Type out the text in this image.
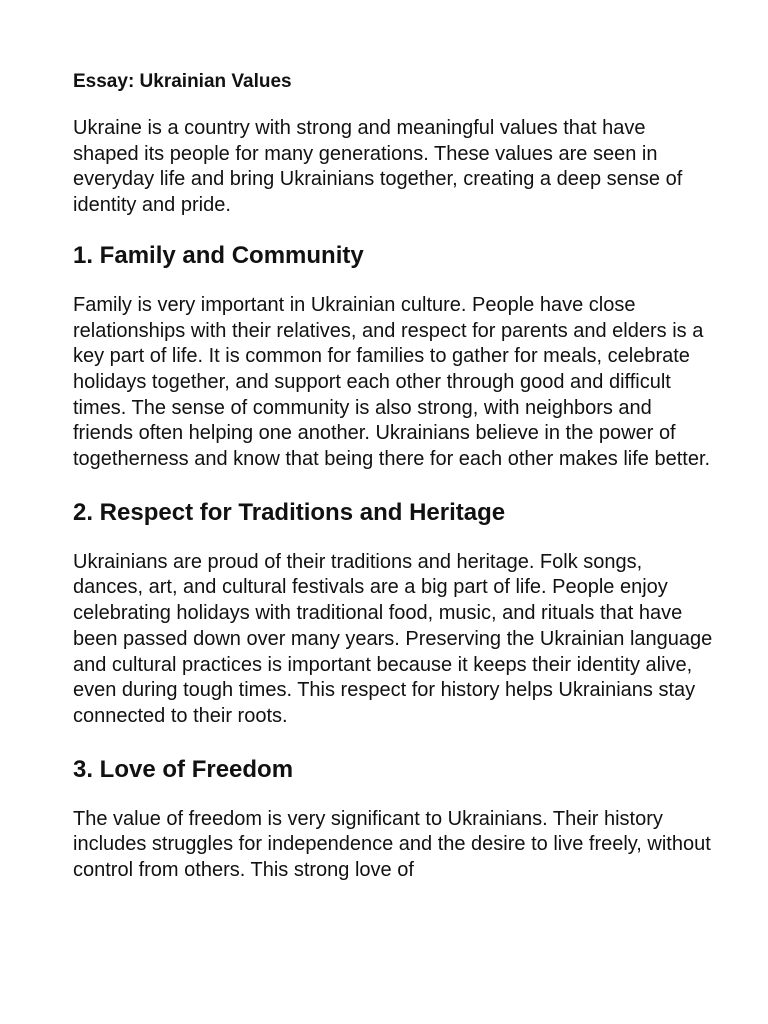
Essay: Ukrainian Values

Ukraine is a country with strong and meaningful values that have shaped its people for many generations. These values are seen in everyday life and bring Ukrainians together, creating a deep sense of identity and pride.

1. Family and Community

Family is very important in Ukrainian culture. People have close relationships with their relatives, and respect for parents and elders is a key part of life. It is common for families to gather for meals, celebrate holidays together, and support each other through good and difficult times. The sense of community is also strong, with neighbors and friends often helping one another. Ukrainians believe in the power of togetherness and know that being there for each other makes life better.

2. Respect for Traditions and Heritage

Ukrainians are proud of their traditions and heritage. Folk songs, dances, art, and cultural festivals are a big part of life. People enjoy celebrating holidays with traditional food, music, and rituals that have been passed down over many years. Preserving the Ukrainian language and cultural practices is important because it keeps their identity alive, even during tough times. This respect for history helps Ukrainians stay connected to their roots.

3. Love of Freedom

The value of freedom is very significant to Ukrainians. Their history includes struggles for independence and the desire to live freely, without control from others. This strong love of
